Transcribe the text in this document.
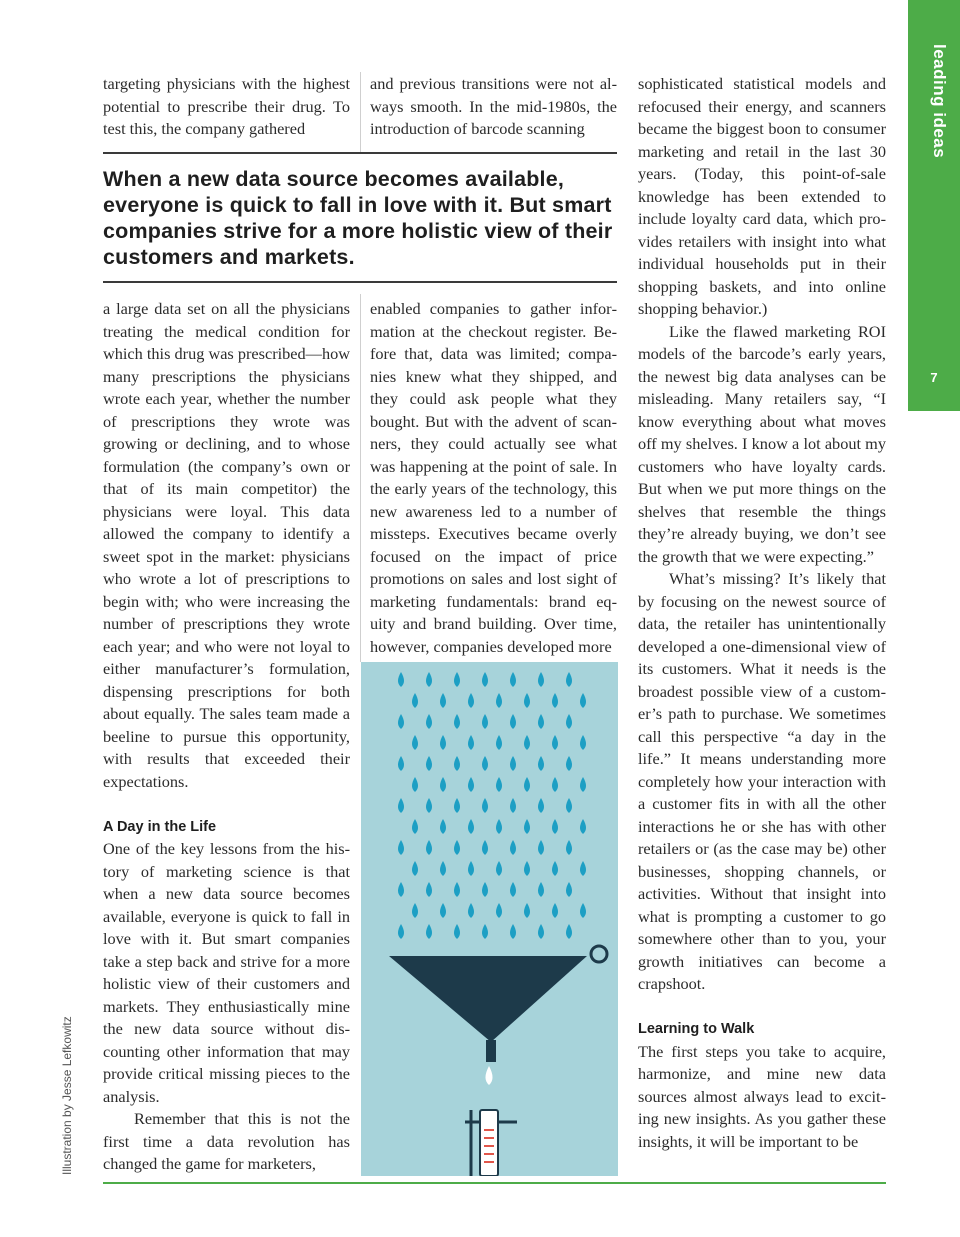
leading ideas
7

targeting physicians with the highest potential to prescribe their drug. To test this, the company gathered

and previous transitions were not always smooth. In the mid-1980s, the introduction of barcode scanning

When a new data source becomes available, everyone is quick to fall in love with it. But smart companies strive for a more holistic view of their customers and markets.

a large data set on all the physicians treating the medical condition for which this drug was prescribed—how many prescriptions the physicians wrote each year, whether the number of prescriptions they wrote was growing or declining, and to whose formulation (the company’s own or that of its main competitor) the physicians were loyal. This data allowed the company to identify a sweet spot in the market: physicians who wrote a lot of prescriptions to begin with; who were increasing the number of prescriptions they wrote each year; and who were not loyal to either manufacturer’s formulation, dispensing prescriptions for both about equally. The sales team made a beeline to pursue this opportunity, with results that exceeded their expectations.

A Day in the Life

One of the key lessons from the history of marketing science is that when a new data source becomes available, everyone is quick to fall in love with it. But smart companies take a step back and strive for a more holistic view of their customers and markets. They enthusiastically mine the new data source without discounting other information that may provide critical missing pieces to the analysis.

Remember that this is not the first time a data revolution has changed the game for marketers,

enabled companies to gather information at the checkout register. Before that, data was limited; companies knew what they shipped, and they could ask people what they bought. But with the advent of scanners, they could actually see what was happening at the point of sale. In the early years of the technology, this new awareness led to a number of missteps. Executives became overly focused on the impact of price promotions on sales and lost sight of marketing fundamentals: brand equity and brand building. Over time, however, companies developed more

sophisticated statistical models and refocused their energy, and scanners became the biggest boon to consumer marketing and retail in the last 30 years. (Today, this point-of-sale knowledge has been extended to include loyalty card data, which provides retailers with insight into what individual households put in their shopping baskets, and into online shopping behavior.)

Like the flawed marketing ROI models of the barcode’s early years, the newest big data analyses can be misleading. Many retailers say, “I know everything about what moves off my shelves. I know a lot about my customers who have loyalty cards. But when we put more things on the shelves that resemble the things they’re already buying, we don’t see the growth that we were expecting.”

What’s missing? It’s likely that by focusing on the newest source of data, the retailer has unintentionally developed a one-dimensional view of its customers. What it needs is the broadest possible view of a customer’s path to purchase. We sometimes call this perspective “a day in the life.” It means understanding more completely how your interaction with a customer fits in with all the other interactions he or she has with other retailers or (as the case may be) other businesses, shopping channels, or activities. Without that insight into what is prompting a customer to go somewhere other than to you, your growth initiatives can become a crapshoot.

Learning to Walk

The first steps you take to acquire, harmonize, and mine new data sources almost always lead to exciting new insights. As you gather these insights, it will be important to be

Illustration by Jesse Lefkowitz
